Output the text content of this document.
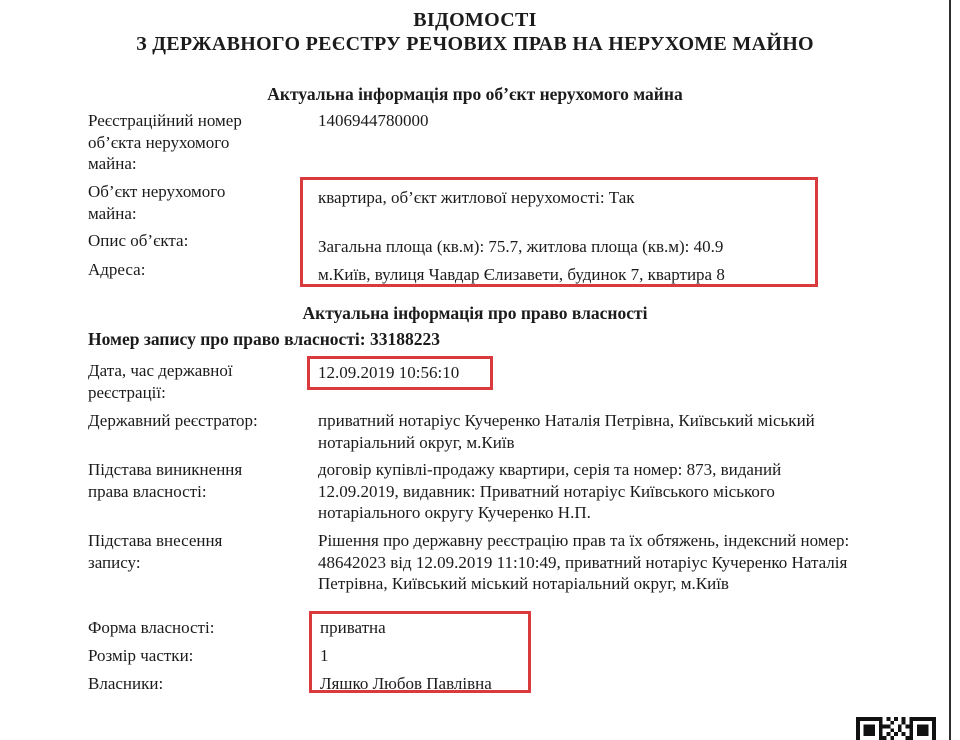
ВІДОМОСТІ
З ДЕРЖАВНОГО РЕЄСТРУ РЕЧОВИХ ПРАВ НА НЕРУХОМЕ МАЙНО
Актуальна інформація про об’єкт нерухомого майна
Реєстраційний номер об’єкта нерухомого майна:
1406944780000
Об’єкт нерухомого майна:
квартира, об’єкт житлової нерухомості: Так
Опис об’єкта:	Загальна площа (кв.м): 75.7, житлова площа (кв.м): 40.9
Адреса:	м.Київ, вулиця Чавдар Єлизавети, будинок 7, квартира 8
Актуальна інформація про право власності
Номер запису про право власності: 33188223
Дата, час державної реєстрації:
12.09.2019 10:56:10
Державний реєстратор:	приватний нотаріус Кучеренко Наталія Петрівна, Київський міський нотаріальний округ, м.Київ
Підстава виникнення права власності:
договір купівлі-продажу квартири, серія та номер: 873, виданий 12.09.2019, видавник: Приватний нотаріус Київського міського нотаріального округу Кучеренко Н.П.
Підстава внесення запису:
Рішення про державну реєстрацію прав та їх обтяжень, індексний номер: 48642023 від 12.09.2019 11:10:49, приватний нотаріус Кучеренко Наталія Петрівна, Київський міський нотаріальний округ, м.Київ
Форма власності:	приватна
Розмір частки:	1
Власники:	Ляшко Любов Павлівна
